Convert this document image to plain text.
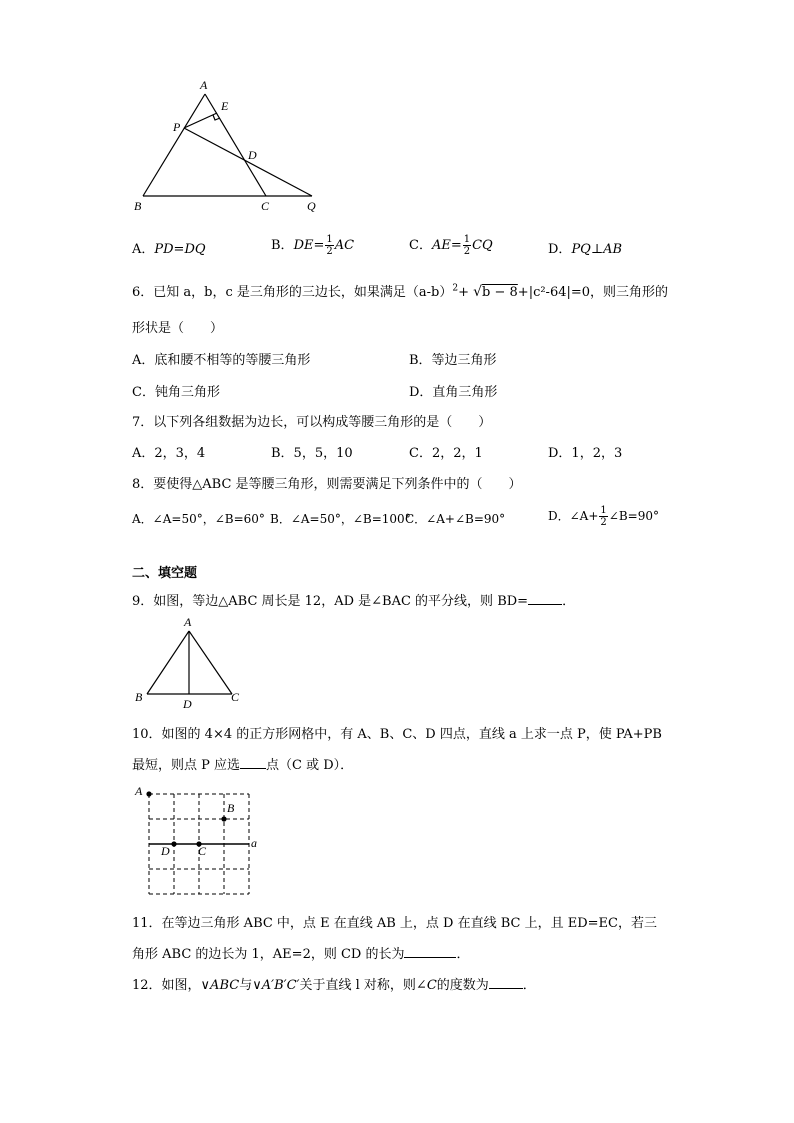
A
E
P
D
B	C	Q
A．PD=DQ	B．$DE= \frac{1}{2}$ AC	C．$AE= \frac{1}{2}$ CQ	D．PQ⊥AB
6．已知 a，b，c 是三角形的三边长，如果满足$(a-b)^2+ √b - 8+|c^2-64|=0$，则三角形的
形状是（　　）
A．底和腰不相等的等腰三角形	B．等边三角形
C．钝角三角形	D．直角三角形
7．以下列各组数据为边长，可以构成等腰三角形的是（　　）
A．2，3，4	B．5，5，10	C．2，2，1	D．1，2，3
8．要使得△ABC 是等腰三角形，则需要满足下列条件中的（　　）
A．∠A=50°，∠B=60° B．∠A=50°，∠B=100°
C．∠A+∠B=90°	D．∠A+ $\frac{1}{2}$ ∠B=90°
二、填空题
9．如图，等边△ABC 周长是 12，AD 是∠BAC 的平分线，则 BD=	．
A
B	C
D
10．如图的 4×4 的正方形网格中，有 A、B、C、D 四点，直线 a 上求一点 P，使 PA+PB
最短，则点 P 应选 点（C 或 D）．
A
B
D C
a
11．在等边三角形 ABC 中，点 E 在直线 AB 上，点 D 在直线 BC 上，且 ED=EC，若三
角形 ABC 的边长为 1，AE=2，则 CD 的长为	．
12．如图，∨ABC与∨A′B′C′关于直线 l 对称，则∠C的度数为	．
